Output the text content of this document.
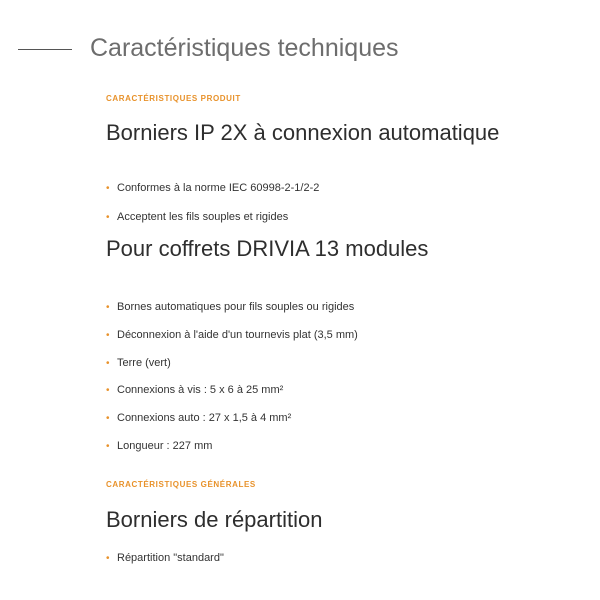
Caractéristiques techniques
CARACTÉRISTIQUES PRODUIT
Borniers IP 2X à connexion automatique
• Conformes à la norme IEC 60998-2-1/2-2
• Acceptent les fils souples et rigides
Pour coffrets DRIVIA 13 modules
• Bornes automatiques pour fils souples ou rigides
• Déconnexion à l'aide d'un tournevis plat (3,5 mm)
• Terre (vert)
• Connexions à vis : 5 x 6 à 25 mm²
• Connexions auto : 27 x 1,5 à 4 mm²
• Longueur : 227 mm
CARACTÉRISTIQUES GÉNÉRALES
Borniers de répartition
• Répartition "standard"
